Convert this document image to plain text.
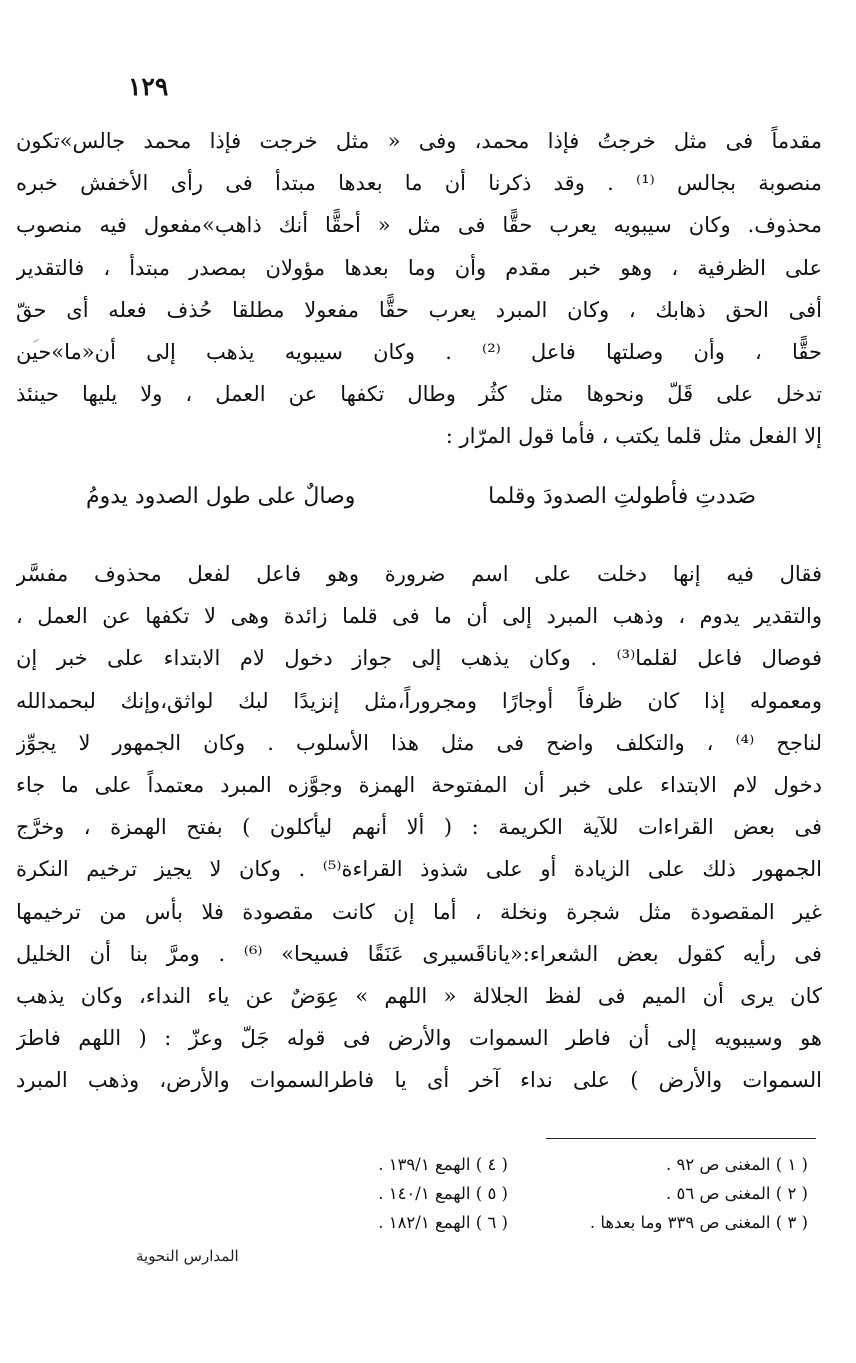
١٢٩
مقدماً فى مثل خرجتُ فإذا محمد، وفى « مثل خرجت فإذا محمد جالس»تكون
منصوبة بجالس ⁽¹⁾ . وقد ذكرنا أن ما بعدها مبتدأ فى رأى الأخفش خبره
محذوف. وكان سيبويه يعرب حقًّا فى مثل « أحقًّا أنك ذاهب»مفعول فيه منصوب
على الظرفية ، وهو خبر مقدم وأن وما بعدها مؤولان بمصدر مبتدأ ، فالتقدير
أفى الحق ذهابك ، وكان المبرد يعرب حقًّا مفعولا مطلقا حُذف فعله أى حقّ
حقًّا ، وأن وصلتها فاعل ⁽²⁾ . وكان سيبويه يذهب إلى أن«ما»حين
تدخل على قَلّ ونحوها مثل كثُر وطال تكفها عن العمل ، ولا يليها حينئذ
إلا الفعل مثل قلما يكتب ، فأما قول المرّار :
صَددتِ فأطولتِ الصدودَ وقلما
وصالٌ على طول الصدود يدومُ
فقال فيه إنها دخلت على اسم ضرورة وهو فاعل لفعل محذوف مفسَّر
والتقدير يدوم ، وذهب المبرد إلى أن ما فى قلما زائدة وهى لا تكفها عن العمل ،
فوصال فاعل لقلما⁽³⁾ . وكان يذهب إلى جواز دخول لام الابتداء على خبر إن
ومعموله إذا كان ظرفاً أوجارًا ومجروراً،مثل إنزيدًا لبك لواثق،وإنك لبحمدالله
لناجح ⁽⁴⁾ ، والتكلف واضح فى مثل هذا الأسلوب . وكان الجمهور لا يجوِّز
دخول لام الابتداء على خبر أن المفتوحة الهمزة وجوَّزه المبرد معتمداً على ما جاء
فى بعض القراءات للآية الكريمة : ( ألا أنهم ليأكلون ) بفتح الهمزة ، وخرَّج
الجمهور ذلك على الزيادة أو على شذوذ القراءة⁽⁵⁾ . وكان لا يجيز ترخيم النكرة
غير المقصودة مثل شجرة ونخلة ، أما إن كانت مقصودة فلا بأس من ترخيمها
فى رأيه كقول بعض الشعراء:«ياناقَسيرى عَنَقًا فسيحا» ⁽⁶⁾ . ومرَّ بنا أن الخليل
كان يرى أن الميم فى لفظ الجلالة « اللهم » عِوَضٌ عن ياء النداء، وكان يذهب
هو وسيبويه إلى أن فاطر السموات والأرض فى قوله جَلّ وعزّ : ( اللهم فاطرَ
السموات والأرض ) على نداء آخر أى يا فاطرالسموات والأرض، وذهب المبرد
( ١ ) المغنى ص ٩٢ .
( ٢ ) المغنى ص ٥٦ .
( ٣ ) المغنى ص ٣٣٩ وما بعدها .
( ٤ ) الهمع ١٣٩/١ .
( ٥ ) الهمع ١٤٠/١ .
( ٦ ) الهمع ١٨٢/١ .
المدارس النحوية
